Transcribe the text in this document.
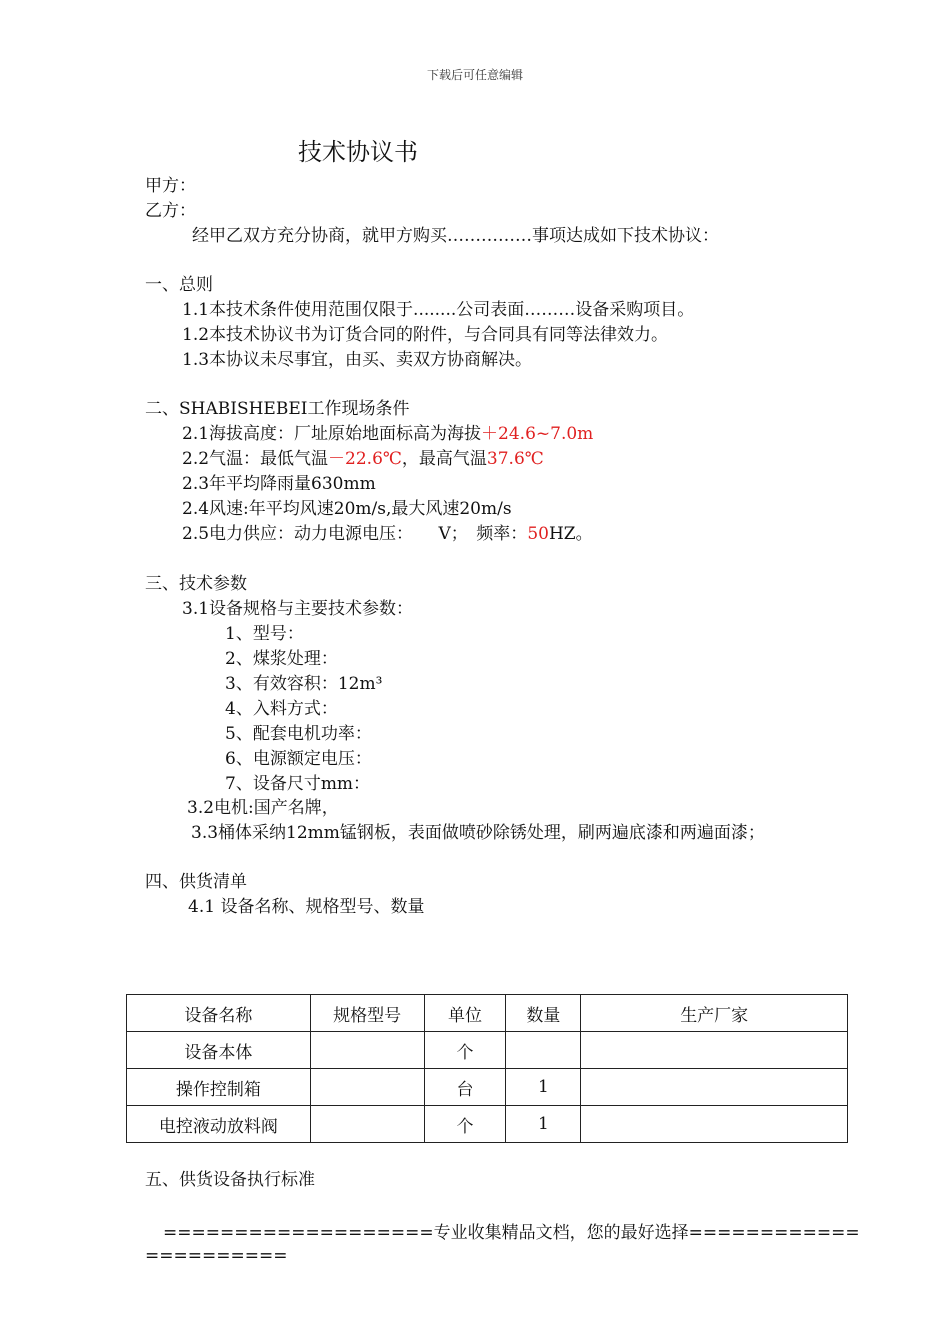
下载后可任意编辑
技术协议书
甲方：
乙方：
经甲乙双方充分协商，就甲方购买……………事项达成如下技术协议：
一、总则
1.1本技术条件使用范围仅限于........公司表面………设备采购项目。
1.2本技术协议书为订货合同的附件，与合同具有同等法律效力。
1.3本协议未尽事宜，由买、卖双方协商解决。
二、SHABISHEBEI工作现场条件
2.1海拔高度：厂址原始地面标高为海拔＋24.6~7.0m
2.2气温：最低气温－22.6℃，最高气温37.6℃
2.3年平均降雨量630mm
2.4风速:年平均风速20m/s,最大风速20m/s
2.5电力供应：动力电源电压：　　V；　频率：50HZ。
三、技术参数
3.1设备规格与主要技术参数：
1、型号：
2、煤浆处理：
3、有效容积：12m³
4、入料方式：
5、配套电机功率：
6、电源额定电压：
7、设备尺寸mm：
3.2电机:国产名牌，
3.3桶体采纳12mm锰钢板，表面做喷砂除锈处理，刷两遍底漆和两遍面漆；
四、供货清单
4.1 设备名称、规格型号、数量
设备名称	规格型号	单位	数量	生产厂家
设备本体		个		
操作控制箱		台	1	
电控液动放料阀		个	1	
五、供货设备执行标准
===================专业收集精品文档，您的最好选择============
==========
